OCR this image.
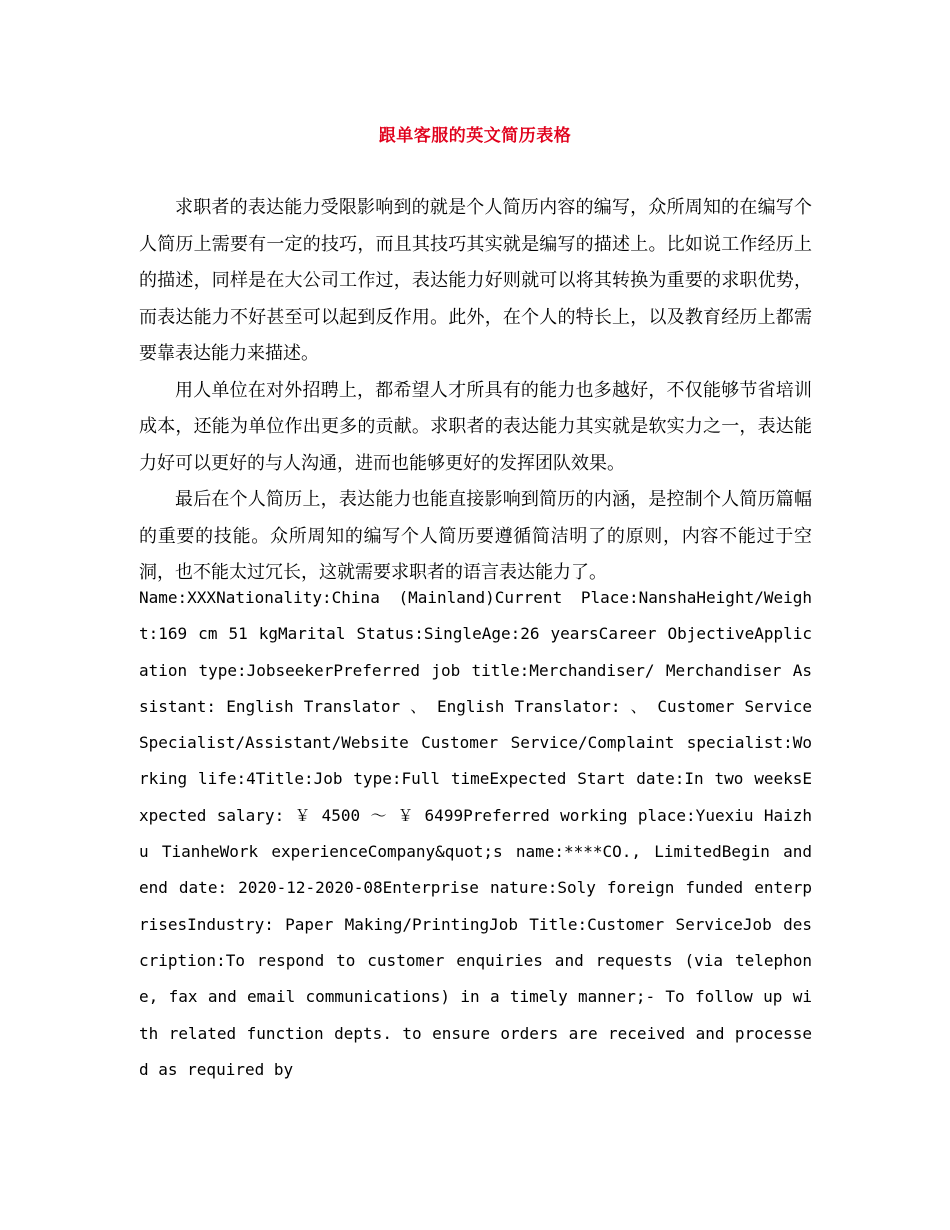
跟单客服的英文简历表格

求职者的表达能力受限影响到的就是个人简历内容的编写，众所周知的在编写个人简历上需要有一定的技巧，而且其技巧其实就是编写的描述上。比如说工作经历上的描述，同样是在大公司工作过，表达能力好则就可以将其转换为重要的求职优势，而表达能力不好甚至可以起到反作用。此外，在个人的特长上，以及教育经历上都需要靠表达能力来描述。

用人单位在对外招聘上，都希望人才所具有的能力也多越好，不仅能够节省培训成本，还能为单位作出更多的贡献。求职者的表达能力其实就是软实力之一，表达能力好可以更好的与人沟通，进而也能够更好的发挥团队效果。

最后在个人简历上，表达能力也能直接影响到简历的内涵，是控制个人简历篇幅的重要的技能。众所周知的编写个人简历要遵循简洁明了的原则，内容不能过于空洞，也不能太过冗长，这就需要求职者的语言表达能力了。

Name:XXXNationality:China (Mainland)Current Place:NanshaHeight/Weight:169 cm 51 kgMarital Status:SingleAge:26 yearsCareer ObjectiveApplication type:JobseekerPreferred job title:Merchandiser/ Merchandiser Assistant: English Translator 、 English Translator: 、 Customer Service Specialist/Assistant/Website Customer Service/Complaint specialist:Working life:4Title:Job type:Full timeExpected Start date:In two weeksExpected salary: ￥ 4500 ～ ￥ 6499Preferred working place:Yuexiu Haizhu TianheWork experienceCompany&quot;s name:****CO., LimitedBegin and end date: 2020-12-2020-08Enterprise nature:Soly foreign funded enterprisesIndustry: Paper Making/PrintingJob Title:Customer ServiceJob description:To respond to customer enquiries and requests (via telephone, fax and email communications) in a timely manner;- To follow up with related function depts. to ensure orders are received and processed as required by
